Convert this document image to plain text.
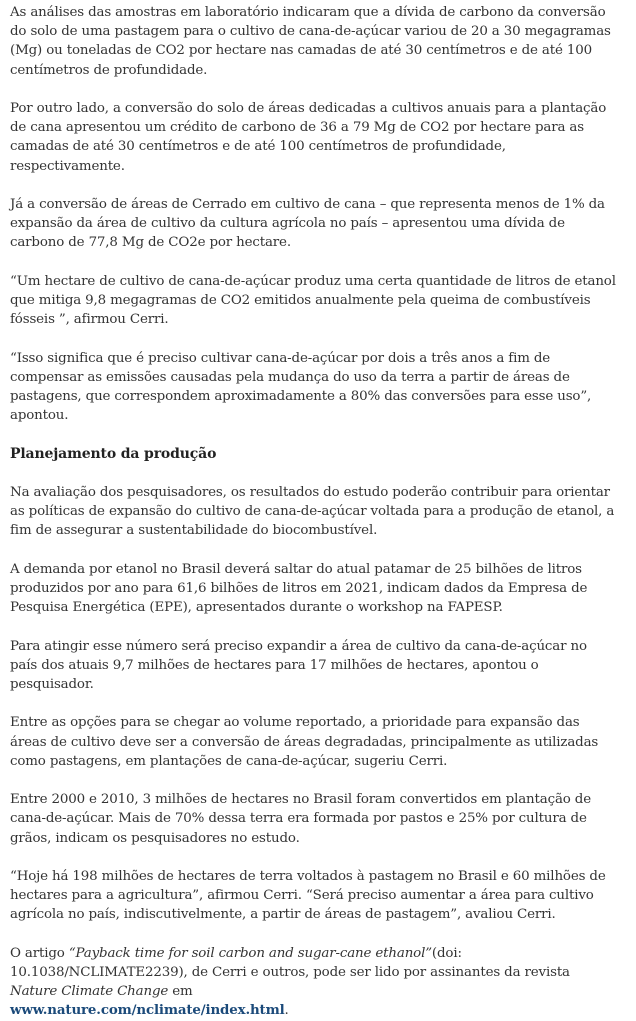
As análises das amostras em laboratório indicaram que a dívida de carbono da conversão do solo de uma pastagem para o cultivo de cana-de-açúcar variou de 20 a 30 megagramas (Mg) ou toneladas de CO2 por hectare nas camadas de até 30 centímetros e de até 100 centímetros de profundidade.

Por outro lado, a conversão do solo de áreas dedicadas a cultivos anuais para a plantação de cana apresentou um crédito de carbono de 36 a 79 Mg de CO2 por hectare para as camadas de até 30 centímetros e de até 100 centímetros de profundidade, respectivamente.

Já a conversão de áreas de Cerrado em cultivo de cana – que representa menos de 1% da expansão da área de cultivo da cultura agrícola no país – apresentou uma dívida de carbono de 77,8 Mg de CO2e por hectare.

“Um hectare de cultivo de cana-de-açúcar produz uma certa quantidade de litros de etanol que mitiga 9,8 megagramas de CO2 emitidos anualmente pela queima de combustíveis fósseis ”, afirmou Cerri.

“Isso significa que é preciso cultivar cana-de-açúcar por dois a três anos a fim de compensar as emissões causadas pela mudança do uso da terra a partir de áreas de pastagens, que correspondem aproximadamente a 80% das conversões para esse uso”, apontou.

Planejamento da produção

Na avaliação dos pesquisadores, os resultados do estudo poderão contribuir para orientar as políticas de expansão do cultivo de cana-de-açúcar voltada para a produção de etanol, a fim de assegurar a sustentabilidade do biocombustível.

A demanda por etanol no Brasil deverá saltar do atual patamar de 25 bilhões de litros produzidos por ano para 61,6 bilhões de litros em 2021, indicam dados da Empresa de Pesquisa Energética (EPE), apresentados durante o workshop na FAPESP.

Para atingir esse número será preciso expandir a área de cultivo da cana-de-açúcar no país dos atuais 9,7 milhões de hectares para 17 milhões de hectares, apontou o pesquisador.

Entre as opções para se chegar ao volume reportado, a prioridade para expansão das áreas de cultivo deve ser a conversão de áreas degradadas, principalmente as utilizadas como pastagens, em plantações de cana-de-açúcar, sugeriu Cerri.

Entre 2000 e 2010, 3 milhões de hectares no Brasil foram convertidos em plantação de cana-de-açúcar. Mais de 70% dessa terra era formada por pastos e 25% por cultura de grãos, indicam os pesquisadores no estudo.

“Hoje há 198 milhões de hectares de terra voltados à pastagem no Brasil e 60 milhões de hectares para a agricultura”, afirmou Cerri. “Será preciso aumentar a área para cultivo agrícola no país, indiscutivelmente, a partir de áreas de pastagem”, avaliou Cerri.

O artigo “Payback time for soil carbon and sugar-cane ethanol”(doi: 10.1038/NCLIMATE2239), de Cerri e outros, pode ser lido por assinantes da revista Nature Climate Change em
www.nature.com/nclimate/index.html.
